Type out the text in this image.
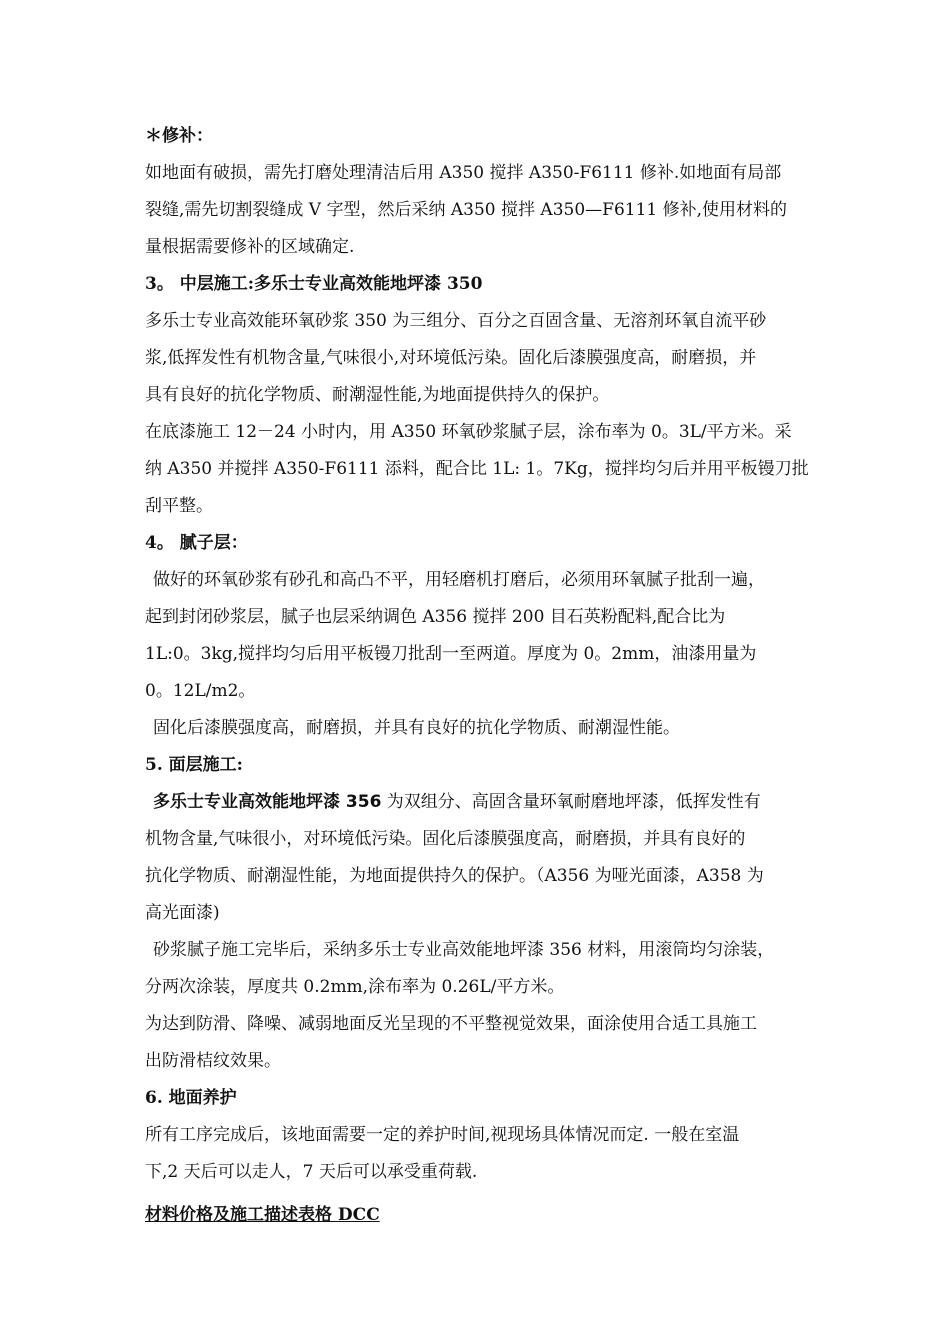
＊修补：
如地面有破损，需先打磨处理清洁后用 A350 搅拌 A350-F6111 修补.如地面有局部
裂缝,需先切割裂缝成 V 字型，然后采纳 A350 搅拌 A350—F6111 修补,使用材料的
量根据需要修补的区域确定.
3。 中层施工:多乐士专业高效能地坪漆 350
多乐士专业高效能环氧砂浆 350 为三组分、百分之百固含量、无溶剂环氧自流平砂
浆,低挥发性有机物含量,气味很小,对环境低污染。固化后漆膜强度高，耐磨损，并
具有良好的抗化学物质、耐潮湿性能,为地面提供持久的保护。
在底漆施工 12－24 小时内，用 A350 环氧砂浆腻子层，涂布率为 0。3L/平方米。采
纳 A350 并搅拌 A350-F6111 添料，配合比 1L: 1。7Kg，搅拌均匀后并用平板镘刀批
刮平整。
4。 腻子层：
做好的环氧砂浆有砂孔和高凸不平，用轻磨机打磨后，必须用环氧腻子批刮一遍，
起到封闭砂浆层，腻子也层采纳调色 A356 搅拌 200 目石英粉配料,配合比为
1L:0。3kg,搅拌均匀后用平板镘刀批刮一至两道。厚度为 0。2mm，油漆用量为
0。12L/m2。
固化后漆膜强度高，耐磨损，并具有良好的抗化学物质、耐潮湿性能。
5. 面层施工:
多乐士专业高效能地坪漆 356 为双组分、高固含量环氧耐磨地坪漆，低挥发性有
机物含量,气味很小，对环境低污染。固化后漆膜强度高，耐磨损，并具有良好的
抗化学物质、耐潮湿性能，为地面提供持久的保护。（A356 为哑光面漆，A358 为
高光面漆)
砂浆腻子施工完毕后，采纳多乐士专业高效能地坪漆 356 材料，用滚筒均匀涂装，
分两次涂装，厚度共 0.2mm,涂布率为 0.26L/平方米。
为达到防滑、降噪、减弱地面反光呈现的不平整视觉效果，面涂使用合适工具施工
出防滑桔纹效果。
6. 地面养护
所有工序完成后，该地面需要一定的养护时间,视现场具体情况而定. 一般在室温
下,2 天后可以走人，7 天后可以承受重荷载.
材料价格及施工描述表格 DCC
